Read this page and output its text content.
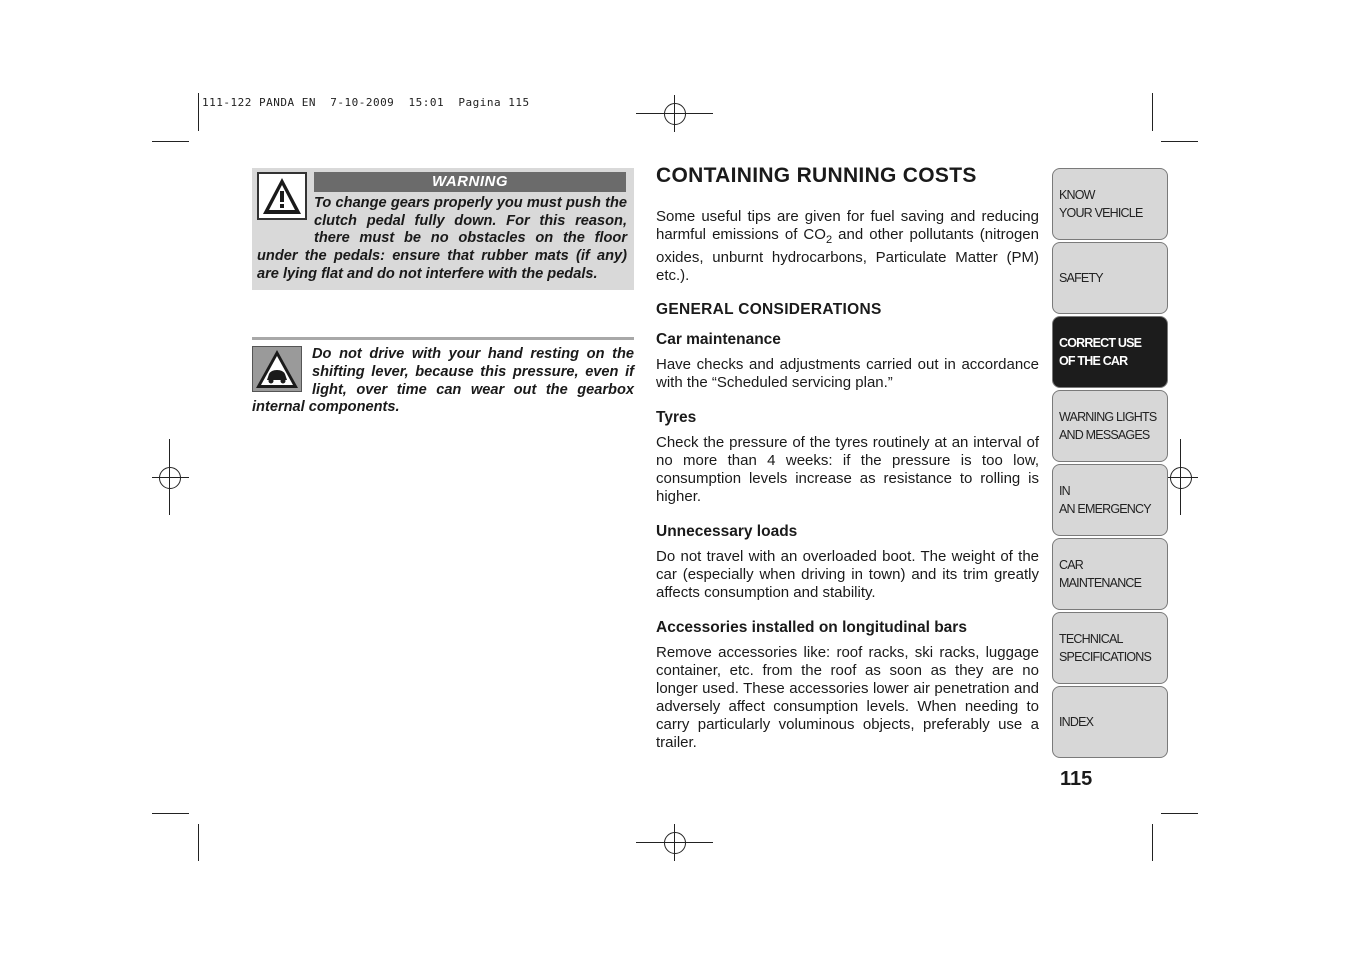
111-122 PANDA EN  7-10-2009  15:01  Pagina 115
WARNING
To change gears properly you must push the clutch pedal fully down. For this reason, there must be no obstacles on the floor under the pedals: ensure that rubber mats (if any) are lying flat and do not interfere with the pedals.
Do not drive with your hand resting on the shifting lever, because this pressure, even if light, over time can wear out the gearbox internal components.
CONTAINING RUNNING COSTS

Some useful tips are given for fuel saving and reducing harmful emissions of $CO_2$ and other pollutants (nitrogen oxides, unburnt hydrocarbons, Particulate Matter (PM) etc.).

GENERAL CONSIDERATIONS
Car maintenance

Have checks and adjustments carried out in accordance with the “Scheduled servicing plan.”

Tyres

Check the pressure of the tyres routinely at an interval of no more than 4 weeks: if the pressure is too low, consumption levels increase as resistance to rolling is higher.

Unnecessary loads

Do not travel with an overloaded boot. The weight of the car (especially when driving in town) and its trim greatly affects consumption and stability.

Accessories installed on longitudinal bars

Remove accessories like: roof racks, ski racks, luggage container, etc. from the roof as soon as they are no longer used. These accessories lower air penetration and adversely affect consumption levels. When needing to carry particularly voluminous objects, preferably use a trailer.

KNOW
YOUR VEHICLE
SAFETY
CORRECT USE
OF THE CAR
WARNING LIGHTS
AND MESSAGES
IN
AN EMERGENCY
CAR
MAINTENANCE
TECHNICAL
SPECIFICATIONS
INDEX
115
